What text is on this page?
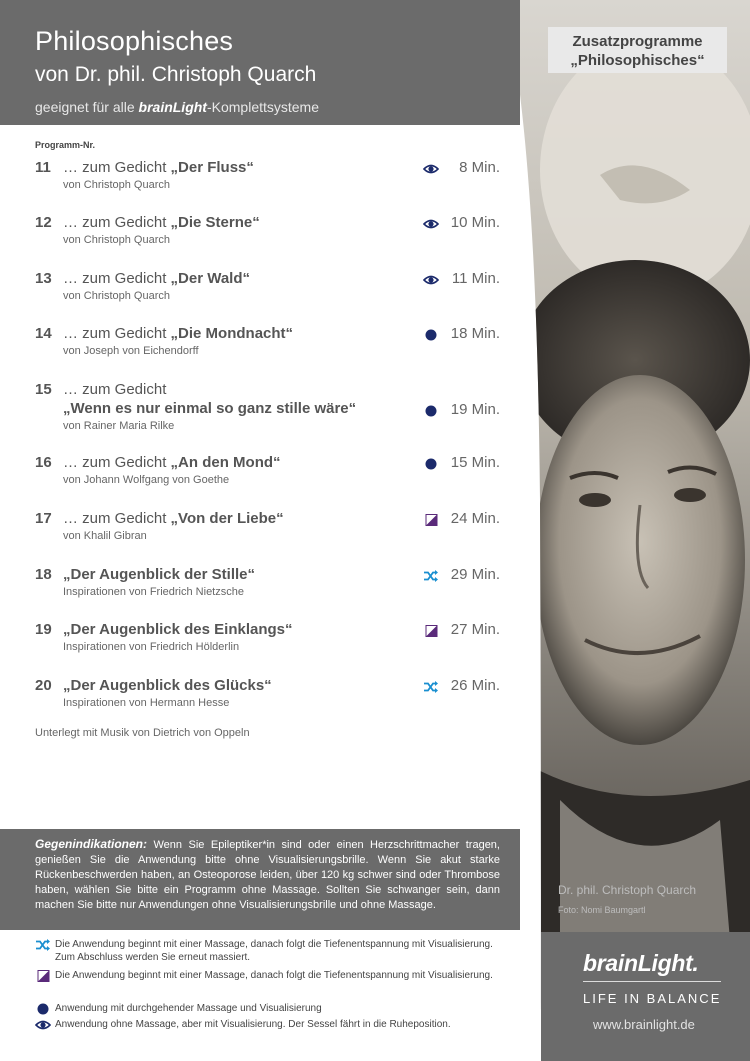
Philosophisches
von Dr. phil. Christoph Quarch
geeignet für alle brainLight-Komplettsysteme
Zusatzprogramme
„Philosophisches“
Programm-Nr.
11 … zum Gedicht „Der Fluss“
von Christoph Quarch
8 Min.
12 … zum Gedicht „Die Sterne“
von Christoph Quarch
10 Min.
13 … zum Gedicht „Der Wald“
von Christoph Quarch
11 Min.
14 … zum Gedicht „Die Mondnacht“
von Joseph von Eichendorff
18 Min.
15 … zum Gedicht
„Wenn es nur einmal so ganz stille wäre“
von Rainer Maria Rilke
19 Min.
16 … zum Gedicht „An den Mond“
von Johann Wolfgang von Goethe
15 Min.
17 … zum Gedicht „Von der Liebe“
von Khalil Gibran
24 Min.
18 „Der Augenblick der Stille“
Inspirationen von Friedrich Nietzsche
29 Min.
19 „Der Augenblick des Einklangs“
Inspirationen von Friedrich Hölderlin
27 Min.
20 „Der Augenblick des Glücks“
Inspirationen von Hermann Hesse
26 Min.
Unterlegt mit Musik von Dietrich von Oppeln
Gegenindikationen: Wenn Sie Epileptiker*in sind oder einen Herzschrittmacher tragen, genießen Sie die Anwendung bitte ohne Visualisierungsbrille. Wenn Sie akut starke Rückenbeschwerden haben, an Osteoporose leiden, über 120 kg schwer sind oder Thrombose haben, wählen Sie bitte ein Programm ohne Massage. Sollten Sie schwanger sein, dann machen Sie bitte nur Anwendungen ohne Visualisierungsbrille und ohne Massage.
Die Anwendung beginnt mit einer Massage, danach folgt die Tiefenentspannung mit Visualisierung. Zum Abschluss werden Sie erneut massiert.
Die Anwendung beginnt mit einer Massage, danach folgt die Tiefenentspannung mit Visualisierung.
Anwendung mit durchgehender Massage und Visualisierung
Anwendung ohne Massage, aber mit Visualisierung. Der Sessel fährt in die Ruheposition.
Dr. phil. Christoph Quarch
Foto: Nomi Baumgartl
brainLight.
LIFE IN BALANCE
www.brainlight.de
